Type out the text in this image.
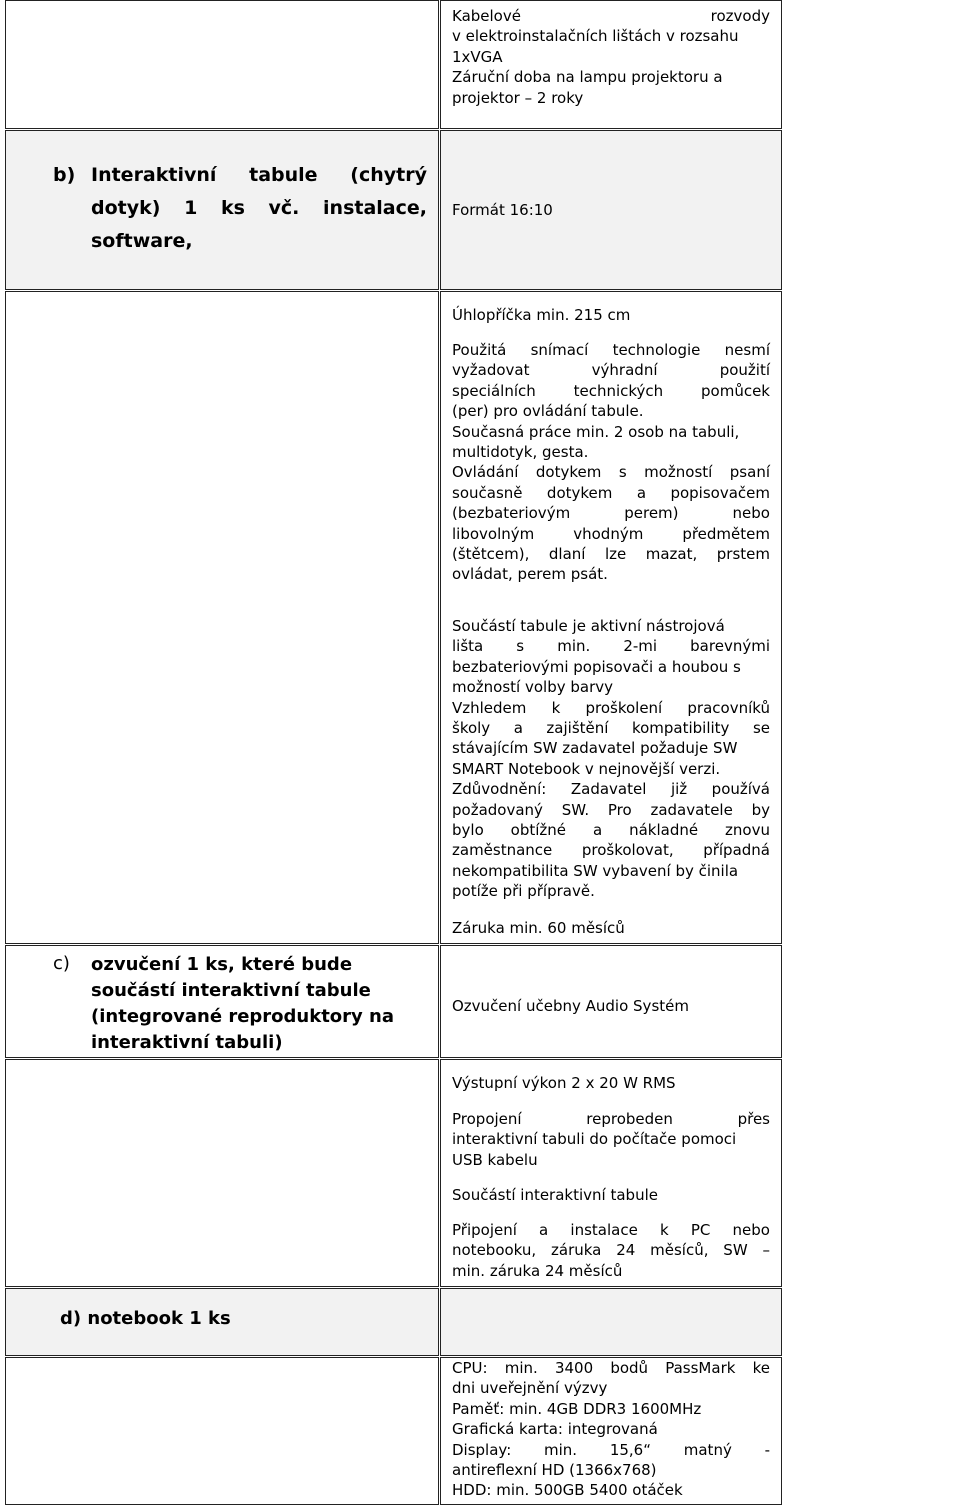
Kabelové rozvody
v elektroinstalačních lištách v rozsahu
1xVGA
Záruční doba na lampu projektoru a
projektor – 2 roky
Formát 16:10
Úhlopříčka min. 215 cm
Použitá snímací technologie nesmí
vyžadovat výhradní použití
speciálních technických pomůcek
(per) pro ovládání tabule.
Současná práce min. 2 osob na tabuli,
multidotyk, gesta.
Ovládání dotykem s možností psaní
současně dotykem a popisovačem
(bezbateriovým perem) nebo
libovolným vhodným předmětem
(štětcem), dlaní lze mazat, prstem
ovládat, perem psát.
Součástí tabule je aktivní nástrojová
lišta s min. 2-mi barevnými
bezbateriovými popisovači a houbou s
možností volby barvy
Vzhledem k proškolení pracovníků
školy a zajištění kompatibility se
stávajícím SW zadavatel požaduje SW
SMART Notebook v nejnovější verzi.
Zdůvodnění: Zadavatel již používá
požadovaný SW. Pro zadavatele by
bylo obtížné a nákladné znovu
zaměstnance proškolovat, případná
nekompatibilita SW vybavení by činila
potíže při přípravě.
Záruka min. 60 měsíců
Ozvučení učebny Audio Systém
Výstupní výkon 2 x 20 W RMS
Propojení reprobeden přes
interaktivní tabuli do počítače pomoci
USB kabelu
Součástí interaktivní tabule
Připojení a instalace k PC nebo
notebooku, záruka 24 měsíců, SW –
min. záruka 24 měsíců
CPU: min. 3400 bodů PassMark ke
dni uveřejnění výzvy
Paměť: min. 4GB DDR3 1600MHz
Grafická karta: integrovaná
Display: min. 15,6“ matný -
antireflexní HD (1366x768)
HDD: min. 500GB 5400 otáček
b) Interaktivní tabule (chytrý
dotyk) 1 ks vč. instalace,
software,
c) ozvučení 1 ks, které bude
součástí interaktivní tabule
(integrované reproduktory na
interaktivní tabuli)
d) notebook 1 ks
